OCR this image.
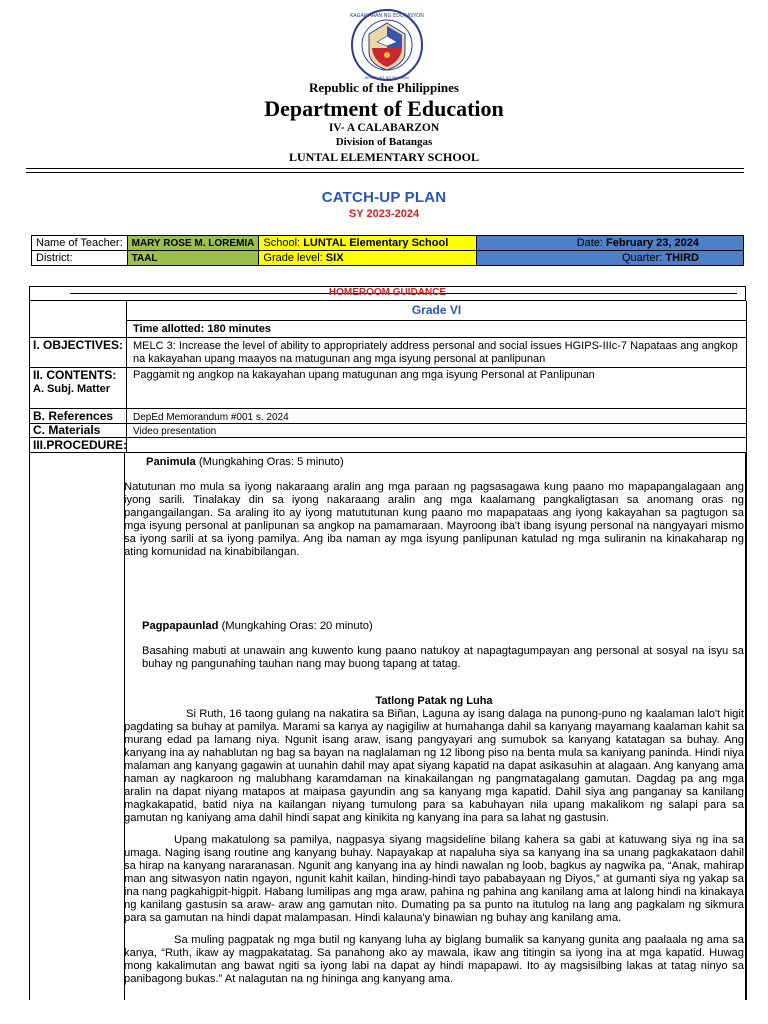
KAGAWARAN NG EDUKASYON
REPUBLIKA NG PILIPINAS
Republic of the Philippines
Department of Education
IV- A CALABARZON
Division of Batangas
LUNTAL ELEMENTARY SCHOOL
CATCH-UP PLAN
SY 2023-2024
Name of Teacher:	MARY ROSE M. LOREMIA	School: LUNTAL Elementary School	Date: February 23, 2024
District:	TAAL	Grade level: SIX	Quarter: THIRD
HOMEROOM GUIDANCE
Grade VI
Time allotted: 180 minutes
I. OBJECTIVES: MELC 3: Increase the level of ability to appropriately address personal and social issues HGIPS-IIIc-7 Napataas ang angkop na kakayahan upang maayos na matugunan ang mga isyung personal at panlipunan
II. CONTENTS:
A. Subj. Matter
Paggamit ng angkop na kakayahan upang matugunan ang mga isyung Personal at Panlipunan
B. References DepEd Memorandum #001 s. 2024
C. Materials	Video presentation
III.PROCEDURE:
Panimula (Mungkahing Oras: 5 minuto)
Natutunan mo mula sa iyong nakaraang aralin ang mga paraan ng pagsasagawa kung paano mo mapapangalagaan ang iyong sarili. Tinalakay din sa iyong nakaraang aralin ang mga kaalamang pangkaligtasan sa anomang oras ng pangangailangan. Sa araling ito ay iyong matututunan kung paano mo mapapataas ang iyong kakayahan sa pagtugon sa mga isyung personal at panlipunan sa angkop na pamamaraan. Mayroong iba't ibang isyung personal na nangyayari mismo sa iyong sarili at sa iyong pamilya. Ang iba naman ay mga isyung panlipunan katulad ng mga suliranin na kinakaharap ng ating komunidad na kinabibilangan.
Pagpapaunlad (Mungkahing Oras: 20 minuto)
Basahing mabuti at unawain ang kuwento kung paano natukoy at napagtagumpayan ang personal at sosyal na isyu sa buhay ng pangunahing tauhan nang may buong tapang at tatag.
Tatlong Patak ng Luha
Si Ruth, 16 taong gulang na nakatira sa Biñan, Laguna ay isang dalaga na punong-puno ng kaalaman lalo't higit pagdating sa buhay at pamilya. Marami sa kanya ay nagigiliw at humahanga dahil sa kanyang mayamang kaalaman kahit sa murang edad pa lamang niya. Ngunit isang araw, isang pangyayari ang sumubok sa kanyang katatagan sa buhay. Ang kanyang ina ay nahablutan ng bag sa bayan na naglalaman ng 12 libong piso na benta mula sa kaniyang paninda. Hindi niya malaman ang kanyang gagawin at uunahin dahil may apat siyang kapatid na dapat asikasuhin at alagaan. Ang kanyang ama naman ay nagkaroon ng malubhang karamdaman na kinakailangan ng pangmatagalang gamutan. Dagdag pa ang mga aralin na dapat niyang matapos at maipasa gayundin ang sa kanyang mga kapatid. Dahil siya ang panganay sa kanilang magkakapatid, batid niya na kailangan niyang tumulong para sa kabuhayan nila upang makalikom ng salapi para sa gamutan ng kaniyang ama dahil hindi sapat ang kinikita ng kanyang ina para sa lahat ng gastusin.
Upang makatulong sa pamilya, nagpasya siyang magsideline bilang kahera sa gabi at katuwang siya ng ina sa umaga. Naging isang routine ang kanyang buhay. Napayakap at napaluha siya sa kanyang ina sa unang pagkakataon dahil sa hirap na kanyang nararanasan. Ngunit ang kanyang ina ay hindi nawalan ng loob, bagkus ay nagwika pa, “Anak, mahirap man ang sitwasyon natin ngayon, ngunit kahit kailan, hinding-hindi tayo pababayaan ng Diyos,” at gumanti siya ng yakap sa ina nang pagkahigpit-higpit. Habang lumilipas ang mga araw, pahina ng pahina ang kanilang ama at lalong hindi na kinakaya ng kanilang gastusin sa araw- araw ang gamutan nito. Dumating pa sa punto na itutulog na lang ang pagkalam ng sikmura para sa gamutan na hindi dapat malampasan. Hindi kalauna'y binawian ng buhay ang kanilang ama.
Sa muling pagpatak ng mga butil ng kanyang luha ay biglang bumalik sa kanyang gunita ang paalaala ng ama sa kanya, “Ruth, ikaw ay magpakatatag. Sa panahong ako ay mawala, ikaw ang titingin sa iyong ina at mga kapatid. Huwag mong kakalimutan ang bawat ngiti sa iyong labi na dapat ay hindi mapapawi. Ito ay magsisilbing lakas at tatag ninyo sa panibagong bukas.” At nalagutan na ng hininga ang kanyang ama.
